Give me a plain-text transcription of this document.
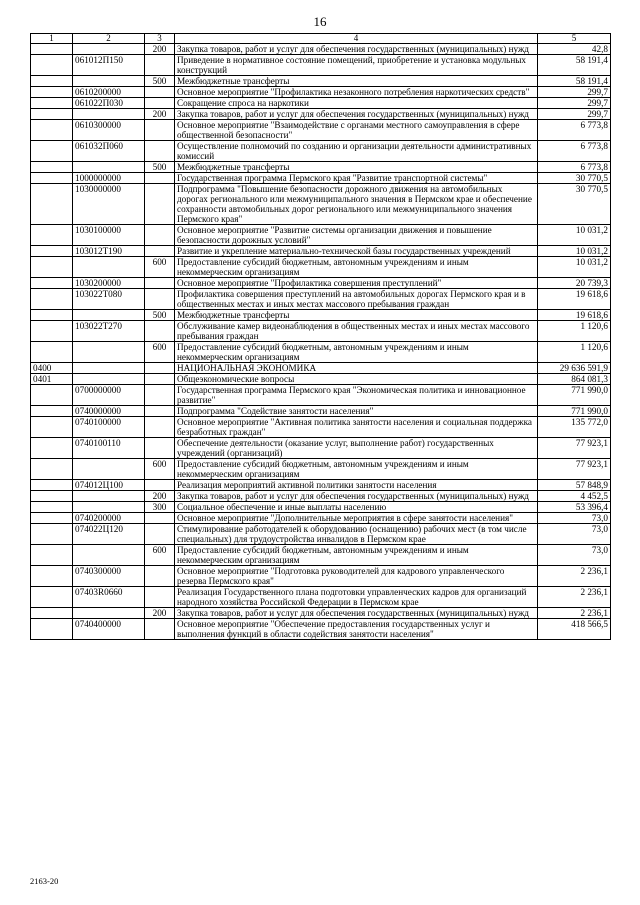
16
1	2	3	4	5
		200	Закупка товаров, работ и услуг для обеспечения государственных (муниципальных) нужд	42,8
	061012П150		Приведение в нормативное состояние помещений, приобретение и установка модульных конструкций	58 191,4
		500	Межбюджетные трансферты	58 191,4
	0610200000		Основное мероприятие "Профилактика незаконного потребления наркотических средств"	299,7
	061022П030		Сокращение спроса на наркотики	299,7
		200	Закупка товаров, работ и услуг для обеспечения государственных (муниципальных) нужд	299,7
	0610300000		Основное мероприятие "Взаимодействие с органами местного самоуправления в сфере общественной безопасности"	6 773,8
	061032П060		Осуществление полномочий по созданию и организации деятельности административных комиссий	6 773,8
		500	Межбюджетные трансферты	6 773,8
	1000000000		Государственная программа Пермского края "Развитие транспортной системы"	30 770,5
	1030000000		Подпрограмма "Повышение безопасности дорожного движения на автомобильных дорогах регионального или межмуниципального значения в Пермском крае и обеспечение сохранности автомобильных дорог регионального или межмуниципального значения Пермского края"	30 770,5
	1030100000		Основное мероприятие "Развитие системы организации движения и повышение безопасности дорожных условий"	10 031,2
	103012Т190		Развитие и укрепление материально-технической базы государственных учреждений	10 031,2
		600	Предоставление субсидий бюджетным, автономным учреждениям и иным некоммерческим организациям	10 031,2
	1030200000		Основное мероприятие "Профилактика совершения преступлений"	20 739,3
	103022Т080		Профилактика совершения преступлений на автомобильных дорогах Пермского края и в общественных местах и иных местах массового пребывания граждан	19 618,6
		500	Межбюджетные трансферты	19 618,6
	103022Т270		Обслуживание камер видеонаблюдения в общественных местах и иных местах массового пребывания граждан	1 120,6
		600	Предоставление субсидий бюджетным, автономным учреждениям и иным некоммерческим организациям	1 120,6
0400			НАЦИОНАЛЬНАЯ ЭКОНОМИКА	29 636 591,9
0401			Общеэкономические вопросы	864 081,3
	0700000000		Государственная программа Пермского края "Экономическая политика и инновационное развитие"	771 990,0
	0740000000		Подпрограмма "Содействие занятости населения"	771 990,0
	0740100000		Основное мероприятие "Активная политика занятости населения и социальная поддержка безработных граждан"	135 772,0
	0740100110		Обеспечение деятельности (оказание услуг, выполнение работ) государственных учреждений (организаций)	77 923,1
		600	Предоставление субсидий бюджетным, автономным учреждениям и иным некоммерческим организациям	77 923,1
	074012Ц100		Реализация мероприятий активной политики занятости населения	57 848,9
		200	Закупка товаров, работ и услуг для обеспечения государственных (муниципальных) нужд	4 452,5
		300	Социальное обеспечение и иные выплаты населению	53 396,4
	0740200000		Основное мероприятие "Дополнительные мероприятия в сфере занятости населения"	73,0
	074022Ц120		Стимулирование работодателей к оборудованию (оснащению) рабочих мест (в том числе специальных) для трудоустройства инвалидов в Пермском крае	73,0
		600	Предоставление субсидий бюджетным, автономным учреждениям и иным некоммерческим организациям	73,0
	0740300000		Основное мероприятие "Подготовка руководителей для кадрового управленческого резерва Пермского края"	2 236,1
	07403R0660		Реализация Государственного плана подготовки управленческих кадров для организаций народного хозяйства Российской Федерации в Пермском крае	2 236,1
		200	Закупка товаров, работ и услуг для обеспечения государственных (муниципальных) нужд	2 236,1
	0740400000		Основное мероприятие "Обеспечение предоставления государственных услуг и выполнения функций в области содействия занятости населения"	418 566,5
2163-20
